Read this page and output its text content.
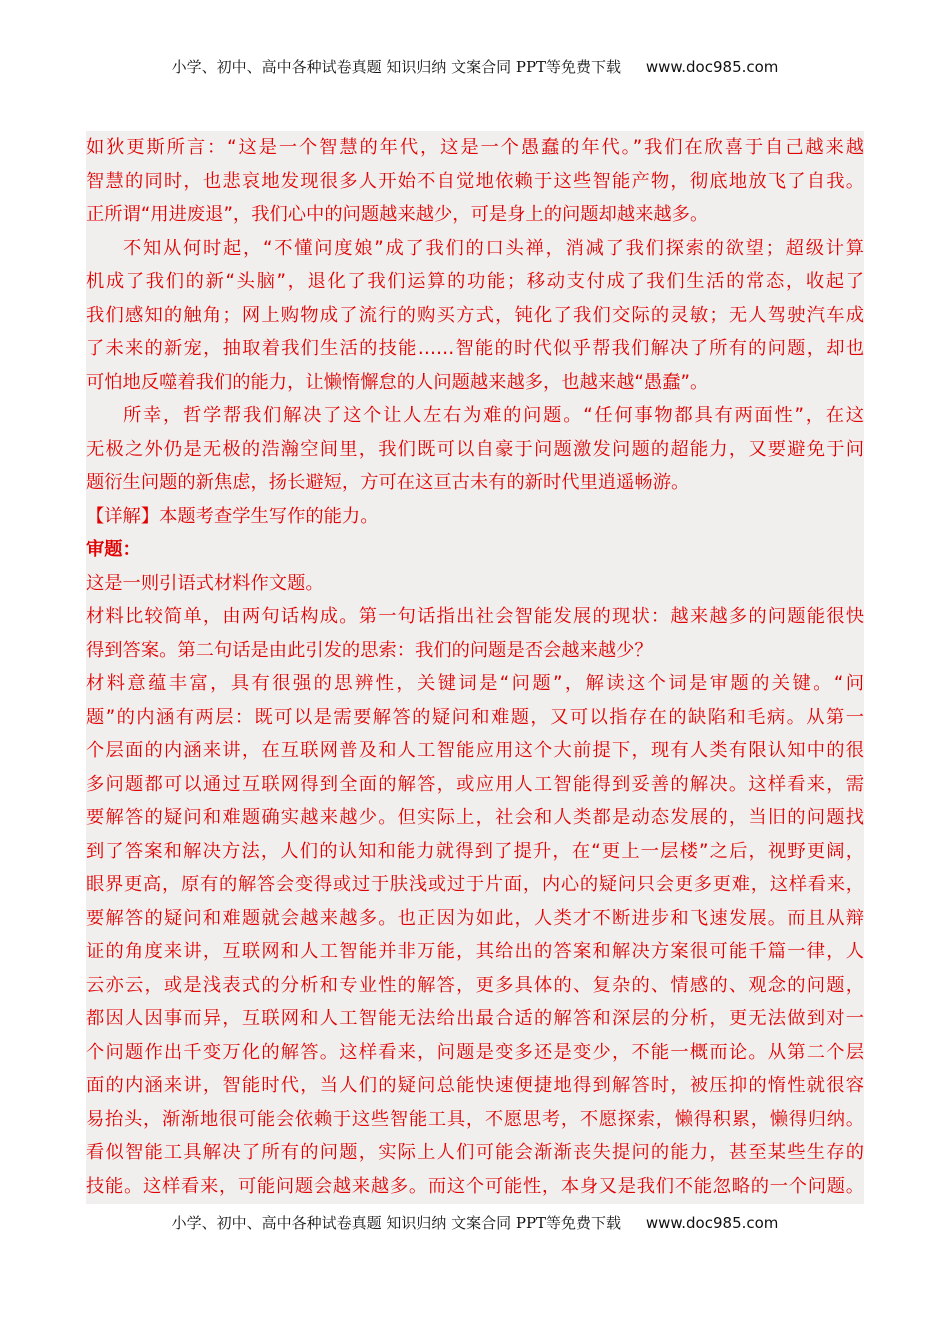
小学、初中、高中各种试卷真题 知识归纳 文案合同 PPT等免费下载 www.doc985.com
如狄更斯所言：“这是一个智慧的年代，这是一个愚蠢的年代。”我们在欣喜于自己越来越
智慧的同时，也悲哀地发现很多人开始不自觉地依赖于这些智能产物，彻底地放飞了自我。
正所谓“用进废退”，我们心中的问题越来越少，可是身上的问题却越来越多。
不知从何时起，“不懂问度娘”成了我们的口头禅，消减了我们探索的欲望；超级计算
机成了我们的新“头脑”，退化了我们运算的功能；移动支付成了我们生活的常态，收起了
我们感知的触角；网上购物成了流行的购买方式，钝化了我们交际的灵敏；无人驾驶汽车成
了未来的新宠，抽取着我们生活的技能……智能的时代似乎帮我们解决了所有的问题，却也
可怕地反噬着我们的能力，让懒惰懈怠的人问题越来越多，也越来越“愚蠢”。
所幸，哲学帮我们解决了这个让人左右为难的问题。“任何事物都具有两面性”，在这
无极之外仍是无极的浩瀚空间里，我们既可以自豪于问题激发问题的超能力，又要避免于问
题衍生问题的新焦虑，扬长避短，方可在这亘古未有的新时代里逍遥畅游。
【详解】本题考查学生写作的能力。
审题：
这是一则引语式材料作文题。
材料比较简单，由两句话构成。第一句话指出社会智能发展的现状：越来越多的问题能很快
得到答案。第二句话是由此引发的思索：我们的问题是否会越来越少？
材料意蕴丰富，具有很强的思辨性，关键词是“问题”，解读这个词是审题的关键。“问
题”的内涵有两层：既可以是需要解答的疑问和难题，又可以指存在的缺陷和毛病。从第一
个层面的内涵来讲，在互联网普及和人工智能应用这个大前提下，现有人类有限认知中的很
多问题都可以通过互联网得到全面的解答，或应用人工智能得到妥善的解决。这样看来，需
要解答的疑问和难题确实越来越少。但实际上，社会和人类都是动态发展的，当旧的问题找
到了答案和解决方法，人们的认知和能力就得到了提升，在“更上一层楼”之后，视野更阔，
眼界更高，原有的解答会变得或过于肤浅或过于片面，内心的疑问只会更多更难，这样看来，
要解答的疑问和难题就会越来越多。也正因为如此，人类才不断进步和飞速发展。而且从辩
证的角度来讲，互联网和人工智能并非万能，其给出的答案和解决方案很可能千篇一律，人
云亦云，或是浅表式的分析和专业性的解答，更多具体的、复杂的、情感的、观念的问题，
都因人因事而异，互联网和人工智能无法给出最合适的解答和深层的分析，更无法做到对一
个问题作出千变万化的解答。这样看来，问题是变多还是变少，不能一概而论。从第二个层
面的内涵来讲，智能时代，当人们的疑问总能快速便捷地得到解答时，被压抑的惰性就很容
易抬头，渐渐地很可能会依赖于这些智能工具，不愿思考，不愿探索，懒得积累，懒得归纳。
看似智能工具解决了所有的问题，实际上人们可能会渐渐丧失提问的能力，甚至某些生存的
技能。这样看来，可能问题会越来越多。而这个可能性，本身又是我们不能忽略的一个问题。
小学、初中、高中各种试卷真题 知识归纳 文案合同 PPT等免费下载 www.doc985.com
